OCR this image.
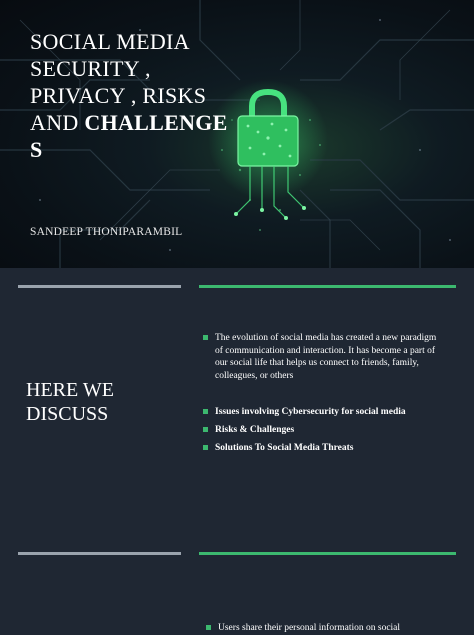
SOCIAL MEDIA
SECURITY ,
PRIVACY , RISKS
AND CHALLENGE
S
SANDEEP THONIPARAMBIL
HERE WE
DISCUSS
The evolution of social media has created a new paradigm of communication and interaction. It has become a part of our social life that helps us connect to friends, family, colleagues, or others
Issues involving Cybersecurity for social media
Risks & Challenges
Solutions To Social Media Threats
Users share their personal information on social
